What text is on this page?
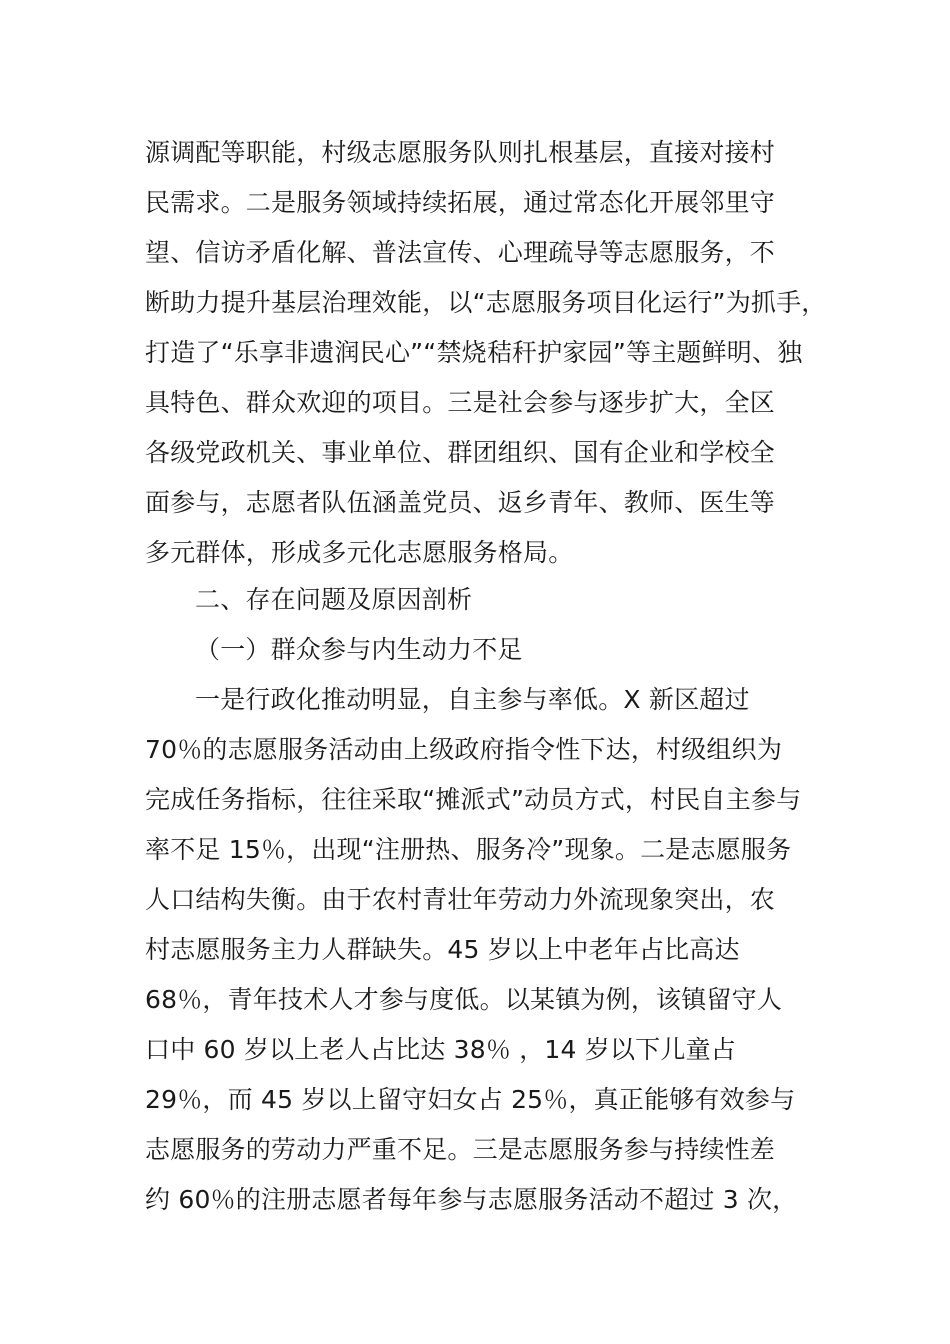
源调配等职能，村级志愿服务队则扎根基层，直接对接村
民需求。二是服务领域持续拓展，通过常态化开展邻里守
望、信访矛盾化解、普法宣传、心理疏导等志愿服务，不
断助力提升基层治理效能，以“志愿服务项目化运行”为抓手，
打造了“乐享非遗润民心”“禁烧秸秆护家园”等主题鲜明、独
具特色、群众欢迎的项目。三是社会参与逐步扩大，全区
各级党政机关、事业单位、群团组织、国有企业和学校全
面参与，志愿者队伍涵盖党员、返乡青年、教师、医生等
多元群体，形成多元化志愿服务格局。
二、存在问题及原因剖析
（一）群众参与内生动力不足
一是行政化推动明显，自主参与率低。X 新区超过
70％的志愿服务活动由上级政府指令性下达，村级组织为
完成任务指标，往往采取“摊派式”动员方式，村民自主参与
率不足 15％，出现“注册热、服务冷”现象。二是志愿服务
人口结构失衡。由于农村青壮年劳动力外流现象突出，农
村志愿服务主力人群缺失。45 岁以上中老年占比高达
68％，青年技术人才参与度低。以某镇为例，该镇留守人
口中 60 岁以上老人占比达 38％ ，14 岁以下儿童占
29％，而 45 岁以上留守妇女占 25％，真正能够有效参与
志愿服务的劳动力严重不足。三是志愿服务参与持续性差
约 60％的注册志愿者每年参与志愿服务活动不超过 3 次，
